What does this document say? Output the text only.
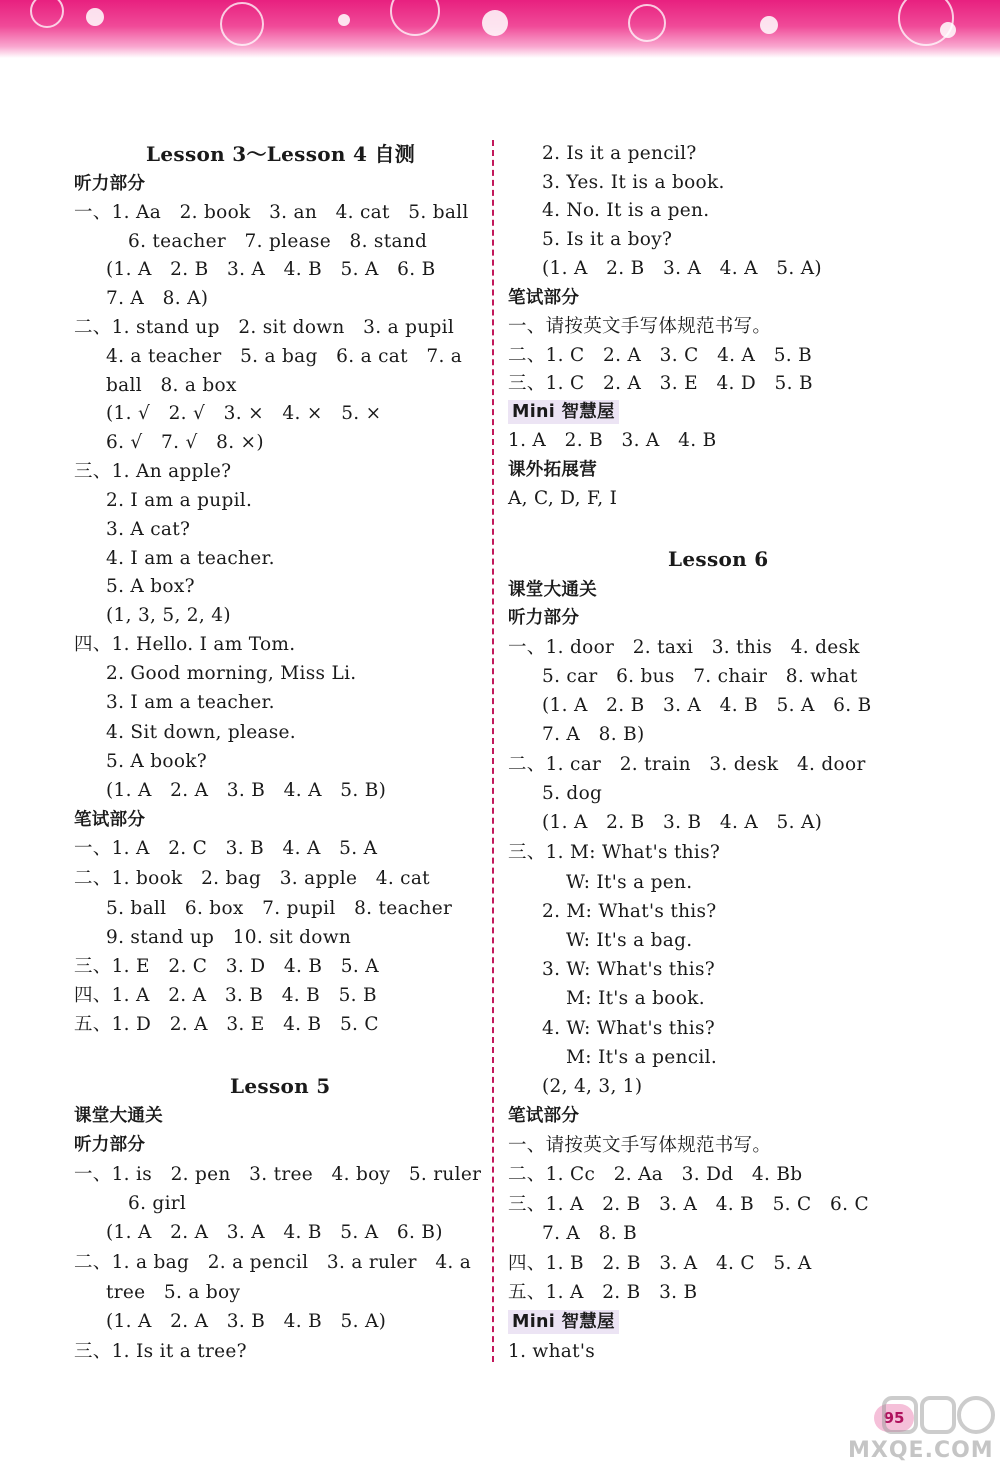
Lesson 3～Lesson 4 自测
听力部分
一、1. Aa   2. book   3. an   4. cat   5. ball
6. teacher   7. please   8. stand
(1. A   2. B   3. A   4. B   5. A   6. B
7. A   8. A)
二、1. stand up   2. sit down   3. a pupil
4. a teacher   5. a bag   6. a cat   7. a
ball   8. a box
(1. √   2. √   3. ×   4. ×   5. ×
6. √   7. √   8. ×)
三、1. An apple?
2. I am a pupil.
3. A cat?
4. I am a teacher.
5. A box?
(1, 3, 5, 2, 4)
四、1. Hello. I am Tom.
2. Good morning, Miss Li.
3. I am a teacher.
4. Sit down, please.
5. A book?
(1. A   2. A   3. B   4. A   5. B)
笔试部分
一、1. A   2. C   3. B   4. A   5. A
二、1. book   2. bag   3. apple   4. cat
5. ball   6. box   7. pupil   8. teacher
9. stand up   10. sit down
三、1. E   2. C   3. D   4. B   5. A
四、1. A   2. A   3. B   4. B   5. B
五、1. D   2. A   3. E   4. B   5. C
Lesson 5
课堂大通关
听力部分
一、1. is   2. pen   3. tree   4. boy   5. ruler
6. girl
(1. A   2. A   3. A   4. B   5. A   6. B)
二、1. a bag   2. a pencil   3. a ruler   4. a
tree   5. a boy
(1. A   2. A   3. B   4. B   5. A)
三、1. Is it a tree?
2. Is it a pencil?
3. Yes. It is a book.
4. No. It is a pen.
5. Is it a boy?
(1. A   2. B   3. A   4. A   5. A)
笔试部分
一、请按英文手写体规范书写。
二、1. C   2. A   3. C   4. A   5. B
三、1. C   2. A   3. E   4. D   5. B
Mini 智慧屋
1. A   2. B   3. A   4. B
课外拓展营
A, C, D, F, I
Lesson 6
课堂大通关
听力部分
一、1. door   2. taxi   3. this   4. desk
5. car   6. bus   7. chair   8. what
(1. A   2. B   3. A   4. B   5. A   6. B
7. A   8. B)
二、1. car   2. train   3. desk   4. door
5. dog
(1. A   2. B   3. B   4. A   5. A)
三、1. M: What's this?
W: It's a pen.
2. M: What's this?
W: It's a bag.
3. W: What's this?
M: It's a book.
4. W: What's this?
M: It's a pencil.
(2, 4, 3, 1)
笔试部分
一、请按英文手写体规范书写。
二、1. Cc   2. Aa   3. Dd   4. Bb
三、1. A   2. B   3. A   4. B   5. C   6. C
7. A   8. B
四、1. B   2. B   3. A   4. C   5. A
五、1. A   2. B   3. B
Mini 智慧屋
1. what's
95
MXQE.COM
